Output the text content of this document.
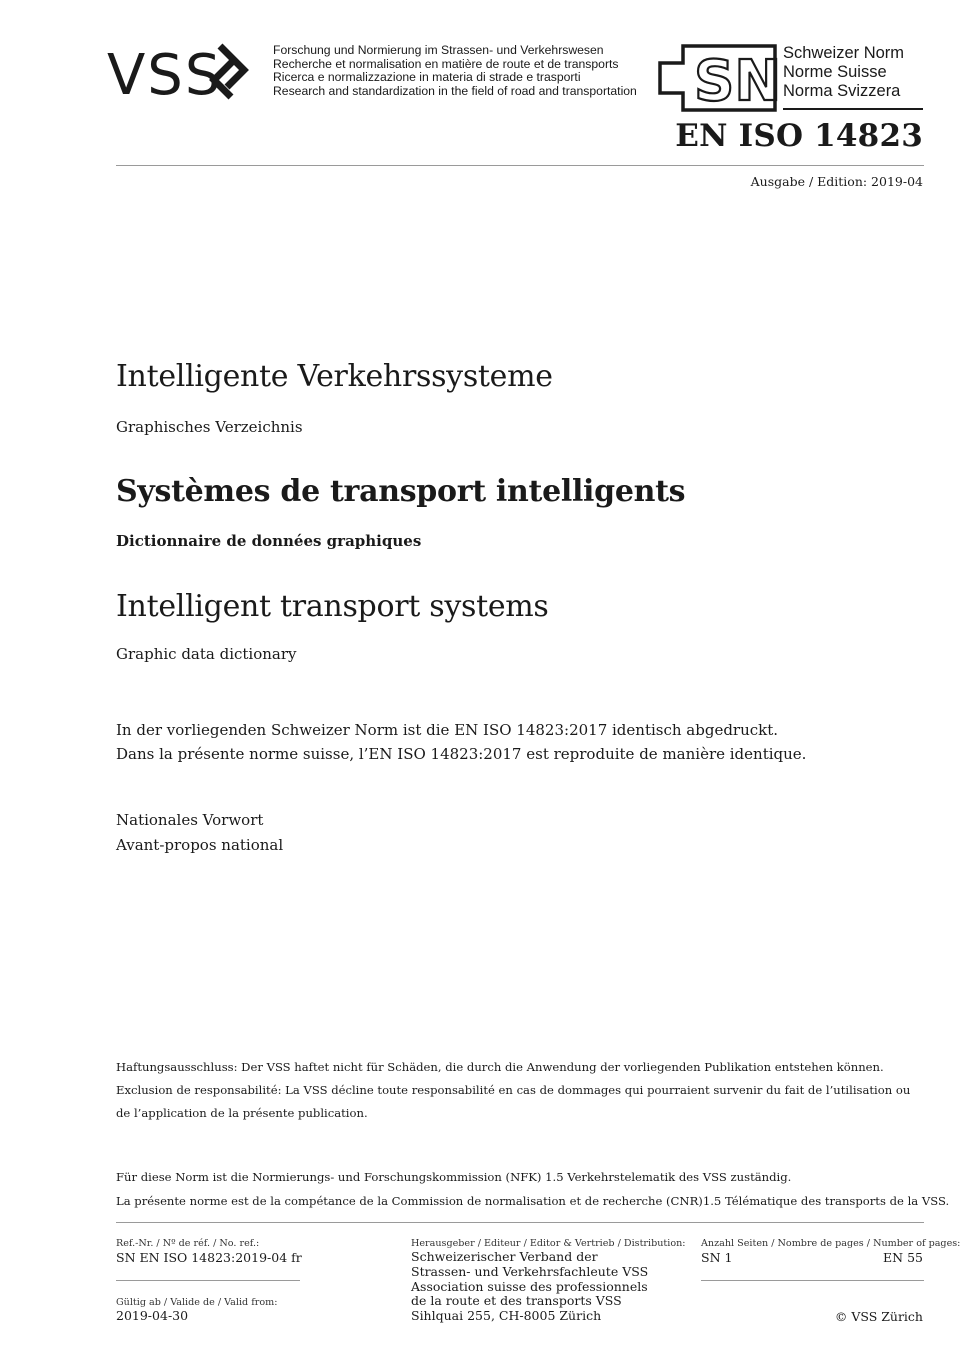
VSS	Forschung und Normierung im Strassen- und Verkehrswesen
Recherche et normalisation en matière de route et de transports
Ricerca e normalizzazione in materia di strade e trasporti
Research and standardization in the field of road and transportation SN Schweizer Norm
Norme Suisse
Norma Svizzera
EN ISO 14823
Ausgabe / Edition: 2019-04
Intelligente Verkehrssysteme
Graphisches Verzeichnis
Systèmes de transport intelligents
Dictionnaire de données graphiques
Intelligent transport systems
Graphic data dictionary
In der vorliegenden Schweizer Norm ist die EN ISO 14823:2017 identisch abgedruckt.
Dans la présente norme suisse, l’EN ISO 14823:2017 est reproduite de manière identique.
Nationales Vorwort
Avant-propos national
Haftungsausschluss: Der VSS haftet nicht für Schäden, die durch die Anwendung der vorliegenden Publikation entstehen können.
Exclusion de responsabilité: La VSS décline toute responsabilité en cas de dommages qui pourraient survenir du fait de l’utilisation ou
de l’application de la présente publication.
Für diese Norm ist die Normierungs- und Forschungskommission (NFK) 1.5 Verkehrstelematik des VSS zuständig.
La présente norme est de la compétance de la Commission de normalisation et de recherche (CNR)1.5 Télématique des transports de la VSS.
Ref.-Nr. / Nº de réf. / No. ref.:
SN EN ISO 14823:2019-04 fr
Gültig ab / Valide de / Valid from:
2019-04-30
Herausgeber / Editeur / Editor & Vertrieb / Distribution:
Schweizerischer Verband der
Strassen- und Verkehrsfachleute VSS
Association suisse des professionnels
de la route et des transports VSS
Sihlquai 255, CH-8005 Zürich
Anzahl Seiten / Nombre de pages / Number of pages:
SN 1	EN 55
© VSS Zürich
